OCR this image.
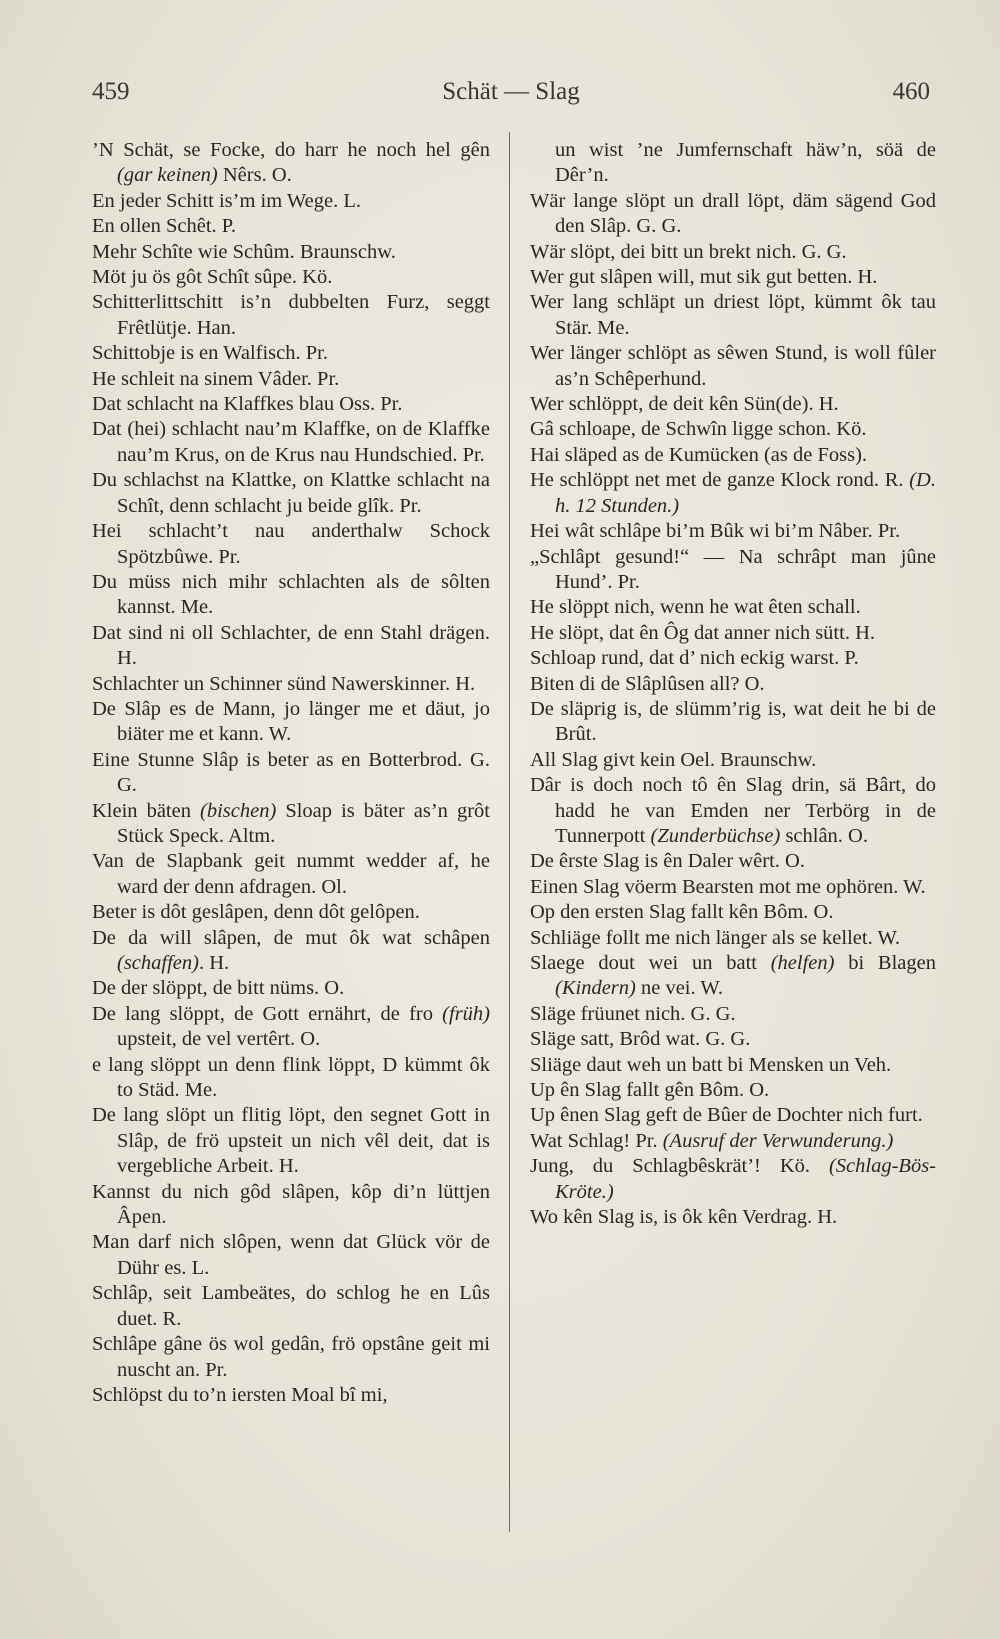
459	Schät — Slag	460

’N Schät, se Focke, do harr he noch hel gên (gar keinen) Nêrs. O.

En jeder Schitt is’m im Wege. L.

En ollen Schêt. P.

Mehr Schîte wie Schûm. Braunschw.

Möt ju ös gôt Schît sûpe. Kö.

Schitterlittschitt is’n dubbelten Furz, seggt Frêtlütje. Han.

Schittobje is en Walfisch. Pr.

He schleit na sinem Vâder. Pr.

Dat schlacht na Klaffkes blau Oss. Pr.

Dat (hei) schlacht nau’m Klaffke, on de Klaffke nau’m Krus, on de Krus nau Hundschied. Pr.

Du schlachst na Klattke, on Klattke schlacht na Schît, denn schlacht ju beide glîk. Pr.

Hei schlacht’t nau anderthalw Schock Spötzbûwe. Pr.

Du müss nich mihr schlachten als de sôlten kannst. Me.

Dat sind ni oll Schlachter, de enn Stahl drägen. H.

Schlachter un Schinner sünd Nawerskinner. H.

De Slâp es de Mann, jo länger me et däut, jo biäter me et kann. W.

Eine Stunne Slâp is beter as en Botterbrod. G. G.

Klein bäten (bischen) Sloap is bäter as’n grôt Stück Speck. Altm.

Van de Slapbank geit nummt wedder af, he ward der denn afdragen. Ol.

Beter is dôt geslâpen, denn dôt gelôpen.

De da will slâpen, de mut ôk wat schâpen (schaffen). H.

De der slöppt, de bitt nüms. O.

De lang slöppt, de Gott ernährt, de fro (früh) upsteit, de vel vertêrt. O.

e lang slöppt un denn flink löppt, D kümmt ôk to Städ. Me.

De lang slöpt un flitig löpt, den segnet Gott in Slâp, de frö upsteit un nich vêl deit, dat is vergebliche Arbeit. H.

Kannst du nich gôd slâpen, kôp di’n lüttjen Âpen.

Man darf nich slôpen, wenn dat Glück vör de Dühr es. L.

Schlâp, seit Lambeätes, do schlog he en Lûs duet. R.

Schlâpe gâne ös wol gedân, frö opstâne geit mi nuscht an. Pr.

Schlöpst du to’n iersten Moal bî mi,

un wist ’ne Jumfernschaft häw’n, söä de Dêr’n.

Wär lange slöpt un drall löpt, däm sägend God den Slâp. G. G.

Wär slöpt, dei bitt un brekt nich. G. G.

Wer gut slâpen will, mut sik gut betten. H.

Wer lang schläpt un driest löpt, kümmt ôk tau Stär. Me.

Wer länger schlöpt as sêwen Stund, is woll fûler as’n Schêperhund.

Wer schlöppt, de deit kên Sün(de). H.

Gâ schloape, de Schwîn ligge schon. Kö.

Hai släped as de Kumücken (as de Foss).

He schlöppt net met de ganze Klock rond. R. (D. h. 12 Stunden.)

Hei wât schlâpe bi’m Bûk wi bi’m Nâber. Pr.

„Schlâpt gesund!“ — Na schrâpt man jûne Hund’. Pr.

He slöppt nich, wenn he wat êten schall.

He slöpt, dat ên Ôg dat anner nich sütt. H.

Schloap rund, dat d’ nich eckig warst. P.

Biten di de Slâplûsen all? O.

De släprig is, de slümm’rig is, wat deit he bi de Brût.

All Slag givt kein Oel. Braunschw.

Dâr is doch noch tô ên Slag drin, sä Bârt, do hadd he van Emden ner Terbörg in de Tunnerpott (Zunderbüchse) schlân. O.

De êrste Slag is ên Daler wêrt. O.

Einen Slag vöerm Bearsten mot me ophören. W.

Op den ersten Slag fallt kên Bôm. O.

Schliäge follt me nich länger als se kellet. W.

Slaege dout wei un batt (helfen) bi Blagen (Kindern) ne vei. W.

Släge früunet nich. G. G.

Släge satt, Brôd wat. G. G.

Sliäge daut weh un batt bi Mensken un Veh.

Up ên Slag fallt gên Bôm. O.

Up ênen Slag geft de Bûer de Dochter nich furt.

Wat Schlag! Pr. (Ausruf der Verwunderung.)

Jung, du Schlagbêskrät’! Kö. (Schlag-Bös-Kröte.)

Wo kên Slag is, is ôk kên Verdrag. H.
